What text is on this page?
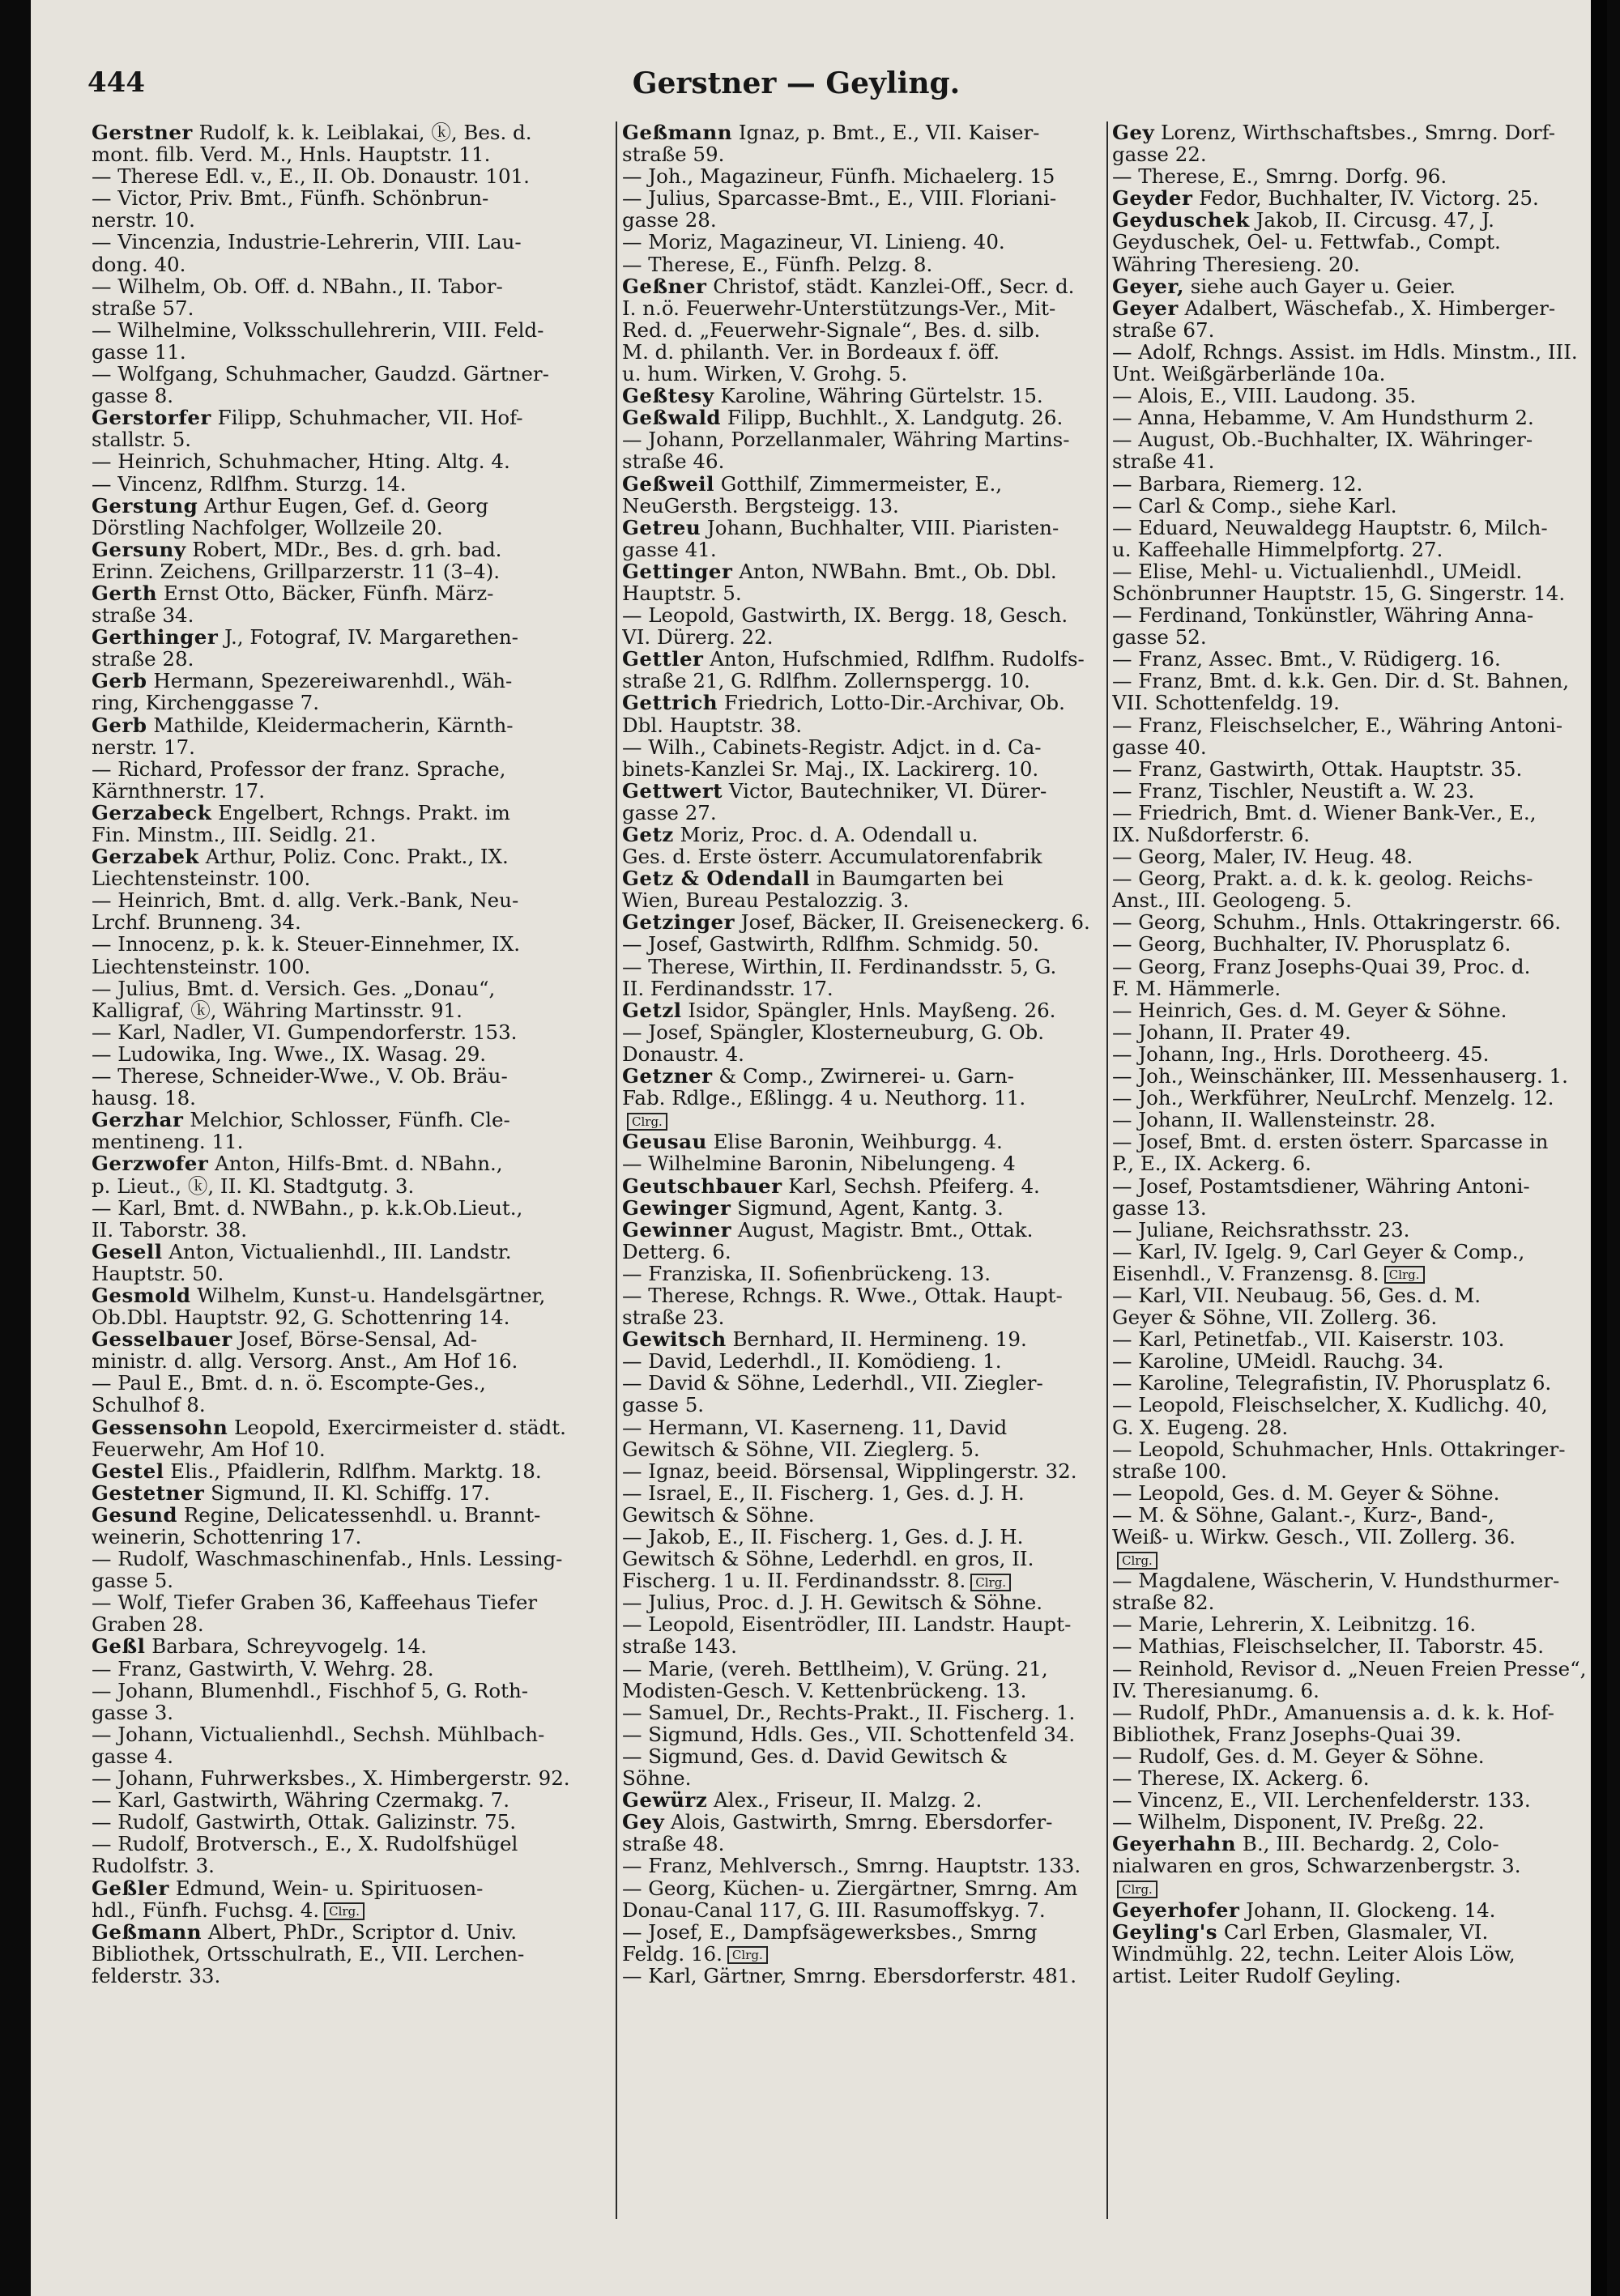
444	Gerstner — Geyling.
Gerstner Rudolf, k. k. Leiblakai, ⓚ, Bes. d.
mont. filb. Verd. M., Hnls. Hauptstr. 11.
— Therese Edl. v., E., II. Ob. Donaustr. 101.
— Victor, Priv. Bmt., Fünfh. Schönbrun-
nerstr. 10.
— Vincenzia, Industrie-Lehrerin, VIII. Lau-
dong. 40.
— Wilhelm, Ob. Off. d. NBahn., II. Tabor-
straße 57.
— Wilhelmine, Volksschullehrerin, VIII. Feld-
gasse 11.
— Wolfgang, Schuhmacher, Gaudzd. Gärtner-
gasse 8.
Gerstorfer Filipp, Schuhmacher, VII. Hof-
stallstr. 5.
— Heinrich, Schuhmacher, Hting. Altg. 4.
— Vincenz, Rdlfhm. Sturzg. 14.
Gerstung Arthur Eugen, Gef. d. Georg
Dörstling Nachfolger, Wollzeile 20.
Gersuny Robert, MDr., Bes. d. grh. bad.
Erinn. Zeichens, Grillparzerstr. 11 (3–4).
Gerth Ernst Otto, Bäcker, Fünfh. März-
straße 34.
Gerthinger J., Fotograf, IV. Margarethen-
straße 28.
Gerb Hermann, Spezereiwarenhdl., Wäh-
ring, Kirchenggasse 7.
Gerb Mathilde, Kleidermacherin, Kärnth-
nerstr. 17.
— Richard, Professor der franz. Sprache,
Kärnthnerstr. 17.
Gerzabeck Engelbert, Rchngs. Prakt. im
Fin. Minstm., III. Seidlg. 21.
Gerzabek Arthur, Poliz. Conc. Prakt., IX.
Liechtensteinstr. 100.
— Heinrich, Bmt. d. allg. Verk.-Bank, Neu-
Lrchf. Brunneng. 34.
— Innocenz, p. k. k. Steuer-Einnehmer, IX.
Liechtensteinstr. 100.
— Julius, Bmt. d. Versich. Ges. „Donau“,
Kalligraf, ⓚ, Währing Martinsstr. 91.
— Karl, Nadler, VI. Gumpendorferstr. 153.
— Ludowika, Ing. Wwe., IX. Wasag. 29.
— Therese, Schneider-Wwe., V. Ob. Bräu-
hausg. 18.
Gerzhar Melchior, Schlosser, Fünfh. Cle-
mentineng. 11.
Gerzwofer Anton, Hilfs-Bmt. d. NBahn.,
p. Lieut., ⓚ, II. Kl. Stadtgutg. 3.
— Karl, Bmt. d. NWBahn., p. k.k.Ob.Lieut.,
II. Taborstr. 38.
Gesell Anton, Victualienhdl., III. Landstr.
Hauptstr. 50.
Gesmold Wilhelm, Kunst-u. Handelsgärtner,
Ob.Dbl. Hauptstr. 92, G. Schottenring 14.
Gesselbauer Josef, Börse-Sensal, Ad-
ministr. d. allg. Versorg. Anst., Am Hof 16.
— Paul E., Bmt. d. n. ö. Escompte-Ges.,
Schulhof 8.
Gessensohn Leopold, Exercirmeister d. städt.
Feuerwehr, Am Hof 10.
Gestel Elis., Pfaidlerin, Rdlfhm. Marktg. 18.
Gestetner Sigmund, II. Kl. Schiffg. 17.
Gesund Regine, Delicatessenhdl. u. Brannt-
weinerin, Schottenring 17.
— Rudolf, Waschmaschinenfab., Hnls. Lessing-
gasse 5.
— Wolf, Tiefer Graben 36, Kaffeehaus Tiefer
Graben 28.
Geßl Barbara, Schreyvogelg. 14.
— Franz, Gastwirth, V. Wehrg. 28.
— Johann, Blumenhdl., Fischhof 5, G. Roth-
gasse 3.
— Johann, Victualienhdl., Sechsh. Mühlbach-
gasse 4.
— Johann, Fuhrwerksbes., X. Himbergerstr. 92.
— Karl, Gastwirth, Währing Czermakg. 7.
— Rudolf, Gastwirth, Ottak. Galizinstr. 75.
— Rudolf, Brotversch., E., X. Rudolfshügel
Rudolfstr. 3.
Geßler Edmund, Wein- u. Spirituosen-
hdl., Fünfh. Fuchsg. 4. Clrg.
Geßmann Albert, PhDr., Scriptor d. Univ.
Bibliothek, Ortsschulrath, E., VII. Lerchen-
felderstr. 33.
Geßmann Ignaz, p. Bmt., E., VII. Kaiser-
straße 59.
— Joh., Magazineur, Fünfh. Michaelerg. 15
— Julius, Sparcasse-Bmt., E., VIII. Floriani-
gasse 28.
— Moriz, Magazineur, VI. Linieng. 40.
— Therese, E., Fünfh. Pelzg. 8.
Geßner Christof, städt. Kanzlei-Off., Secr. d.
I. n.ö. Feuerwehr-Unterstützungs-Ver., Mit-
Red. d. „Feuerwehr-Signale“, Bes. d. silb.
M. d. philanth. Ver. in Bordeaux f. öff.
u. hum. Wirken, V. Grohg. 5.
Geßtesy Karoline, Währing Gürtelstr. 15.
Geßwald Filipp, Buchhlt., X. Landgutg. 26.
— Johann, Porzellanmaler, Währing Martins-
straße 46.
Geßweil Gotthilf, Zimmermeister, E.,
NeuGersth. Bergsteigg. 13.
Getreu Johann, Buchhalter, VIII. Piaristen-
gasse 41.
Gettinger Anton, NWBahn. Bmt., Ob. Dbl.
Hauptstr. 5.
— Leopold, Gastwirth, IX. Bergg. 18, Gesch.
VI. Dürerg. 22.
Gettler Anton, Hufschmied, Rdlfhm. Rudolfs-
straße 21, G. Rdlfhm. Zollernspergg. 10.
Gettrich Friedrich, Lotto-Dir.-Archivar, Ob.
Dbl. Hauptstr. 38.
— Wilh., Cabinets-Registr. Adjct. in d. Ca-
binets-Kanzlei Sr. Maj., IX. Lackirerg. 10.
Gettwert Victor, Bautechniker, VI. Dürer-
gasse 27.
Getz Moriz, Proc. d. A. Odendall u.
Ges. d. Erste österr. Accumulatorenfabrik
Getz & Odendall in Baumgarten bei
Wien, Bureau Pestalozzig. 3.
Getzinger Josef, Bäcker, II. Greiseneckerg. 6.
— Josef, Gastwirth, Rdlfhm. Schmidg. 50.
— Therese, Wirthin, II. Ferdinandsstr. 5, G.
II. Ferdinandsstr. 17.
Getzl Isidor, Spängler, Hnls. Mayßeng. 26.
— Josef, Spängler, Klosterneuburg, G. Ob.
Donaustr. 4.
Getzner & Comp., Zwirnerei- u. Garn-
Fab. Rdlge., Eßlingg. 4 u. Neuthorg. 11.
Clrg.
Geusau Elise Baronin, Weihburgg. 4.
— Wilhelmine Baronin, Nibelungeng. 4
Geutschbauer Karl, Sechsh. Pfeiferg. 4.
Gewinger Sigmund, Agent, Kantg. 3.
Gewinner August, Magistr. Bmt., Ottak.
Detterg. 6.
— Franziska, II. Sofienbrückeng. 13.
— Therese, Rchngs. R. Wwe., Ottak. Haupt-
straße 23.
Gewitsch Bernhard, II. Hermineng. 19.
— David, Lederhdl., II. Komödieng. 1.
— David & Söhne, Lederhdl., VII. Ziegler-
gasse 5.
— Hermann, VI. Kaserneng. 11, David
Gewitsch & Söhne, VII. Zieglerg. 5.
— Ignaz, beeid. Börsensal, Wipplingerstr. 32.
— Israel, E., II. Fischerg. 1, Ges. d. J. H.
Gewitsch & Söhne.
— Jakob, E., II. Fischerg. 1, Ges. d. J. H.
Gewitsch & Söhne, Lederhdl. en gros, II.
Fischerg. 1 u. II. Ferdinandsstr. 8. Clrg.
— Julius, Proc. d. J. H. Gewitsch & Söhne.
— Leopold, Eisentrödler, III. Landstr. Haupt-
straße 143.
— Marie, (vereh. Bettlheim), V. Grüng. 21,
Modisten-Gesch. V. Kettenbrückeng. 13.
— Samuel, Dr., Rechts-Prakt., II. Fischerg. 1.
— Sigmund, Hdls. Ges., VII. Schottenfeld 34.
— Sigmund, Ges. d. David Gewitsch &
Söhne.
Gewürz Alex., Friseur, II. Malzg. 2.
Gey Alois, Gastwirth, Smrng. Ebersdorfer-
straße 48.
— Franz, Mehlversch., Smrng. Hauptstr. 133.
— Georg, Küchen- u. Ziergärtner, Smrng. Am
Donau-Canal 117, G. III. Rasumoffskyg. 7.
— Josef, E., Dampfsägewerksbes., Smrng
Feldg. 16. Clrg.
— Karl, Gärtner, Smrng. Ebersdorferstr. 481.
Gey Lorenz, Wirthschaftsbes., Smrng. Dorf-
gasse 22.
— Therese, E., Smrng. Dorfg. 96.
Geyder Fedor, Buchhalter, IV. Victorg. 25.
Geyduschek Jakob, II. Circusg. 47, J.
Geyduschek, Oel- u. Fettwfab., Compt.
Währing Theresieng. 20.
Geyer, siehe auch Gayer u. Geier.
Geyer Adalbert, Wäschefab., X. Himberger-
straße 67.
— Adolf, Rchngs. Assist. im Hdls. Minstm., III.
Unt. Weißgärberlände 10a.
— Alois, E., VIII. Laudong. 35.
— Anna, Hebamme, V. Am Hundsthurm 2.
— August, Ob.-Buchhalter, IX. Währinger-
straße 41.
— Barbara, Riemerg. 12.
— Carl & Comp., siehe Karl.
— Eduard, Neuwaldegg Hauptstr. 6, Milch-
u. Kaffeehalle Himmelpfortg. 27.
— Elise, Mehl- u. Victualienhdl., UMeidl.
Schönbrunner Hauptstr. 15, G. Singerstr. 14.
— Ferdinand, Tonkünstler, Währing Anna-
gasse 52.
— Franz, Assec. Bmt., V. Rüdigerg. 16.
— Franz, Bmt. d. k.k. Gen. Dir. d. St. Bahnen,
VII. Schottenfeldg. 19.
— Franz, Fleischselcher, E., Währing Antoni-
gasse 40.
— Franz, Gastwirth, Ottak. Hauptstr. 35.
— Franz, Tischler, Neustift a. W. 23.
— Friedrich, Bmt. d. Wiener Bank-Ver., E.,
IX. Nußdorferstr. 6.
— Georg, Maler, IV. Heug. 48.
— Georg, Prakt. a. d. k. k. geolog. Reichs-
Anst., III. Geologeng. 5.
— Georg, Schuhm., Hnls. Ottakringerstr. 66.
— Georg, Buchhalter, IV. Phorusplatz 6.
— Georg, Franz Josephs-Quai 39, Proc. d.
F. M. Hämmerle.
— Heinrich, Ges. d. M. Geyer & Söhne.
— Johann, II. Prater 49.
— Johann, Ing., Hrls. Dorotheerg. 45.
— Joh., Weinschänker, III. Messenhauserg. 1.
— Joh., Werkführer, NeuLrchf. Menzelg. 12.
— Johann, II. Wallensteinstr. 28.
— Josef, Bmt. d. ersten österr. Sparcasse in
P., E., IX. Ackerg. 6.
— Josef, Postamtsdiener, Währing Antoni-
gasse 13.
— Juliane, Reichsrathsstr. 23.
— Karl, IV. Igelg. 9, Carl Geyer & Comp.,
Eisenhdl., V. Franzensg. 8. Clrg.
— Karl, VII. Neubaug. 56, Ges. d. M.
Geyer & Söhne, VII. Zollerg. 36.
— Karl, Petinetfab., VII. Kaiserstr. 103.
— Karoline, UMeidl. Rauchg. 34.
— Karoline, Telegrafistin, IV. Phorusplatz 6.
— Leopold, Fleischselcher, X. Kudlichg. 40,
G. X. Eugeng. 28.
— Leopold, Schuhmacher, Hnls. Ottakringer-
straße 100.
— Leopold, Ges. d. M. Geyer & Söhne.
— M. & Söhne, Galant.-, Kurz-, Band-,
Weiß- u. Wirkw. Gesch., VII. Zollerg. 36.
Clrg.
— Magdalene, Wäscherin, V. Hundsthurmer-
straße 82.
— Marie, Lehrerin, X. Leibnitzg. 16.
— Mathias, Fleischselcher, II. Taborstr. 45.
— Reinhold, Revisor d. „Neuen Freien Presse“,
IV. Theresianumg. 6.
— Rudolf, PhDr., Amanuensis a. d. k. k. Hof-
Bibliothek, Franz Josephs-Quai 39.
— Rudolf, Ges. d. M. Geyer & Söhne.
— Therese, IX. Ackerg. 6.
— Vincenz, E., VII. Lerchenfelderstr. 133.
— Wilhelm, Disponent, IV. Preßg. 22.
Geyerhahn B., III. Bechardg. 2, Colo-
nialwaren en gros, Schwarzenbergstr. 3.
Clrg.
Geyerhofer Johann, II. Glockeng. 14.
Geyling's Carl Erben, Glasmaler, VI.
Windmühlg. 22, techn. Leiter Alois Löw,
artist. Leiter Rudolf Geyling.
